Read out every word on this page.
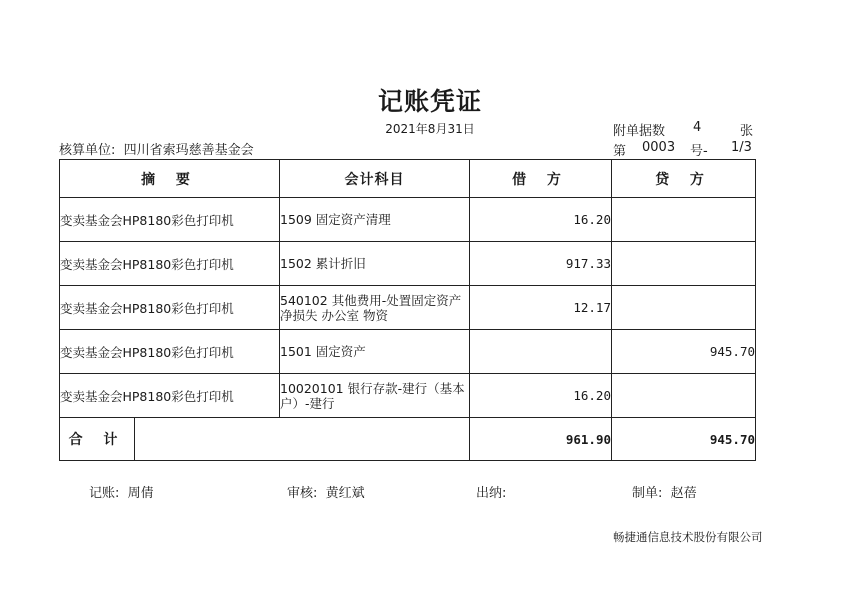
记账凭证
2021年8月31日
核算单位: 四川省索玛慈善基金会
附单据数 4	张
第 0003 号- 1/3
摘 要		会计科目	借 方	贷 方
变卖基金会HP8180彩色打印机		1509 固定资产清理	16.20	
变卖基金会HP8180彩色打印机		1502 累计折旧	917.33	
变卖基金会HP8180彩色打印机		540102 其他费用-处置固定资产净损失 办公室 物资	12.17	
变卖基金会HP8180彩色打印机		1501 固定资产		945.70
变卖基金会HP8180彩色打印机		10020101 银行存款-建行（基本户）-建行	16.20	
合 计			961.90	945.70
记账: 周倩	审核: 黄红斌	出纳:	制单: 赵蓓
畅捷通信息技术股份有限公司
